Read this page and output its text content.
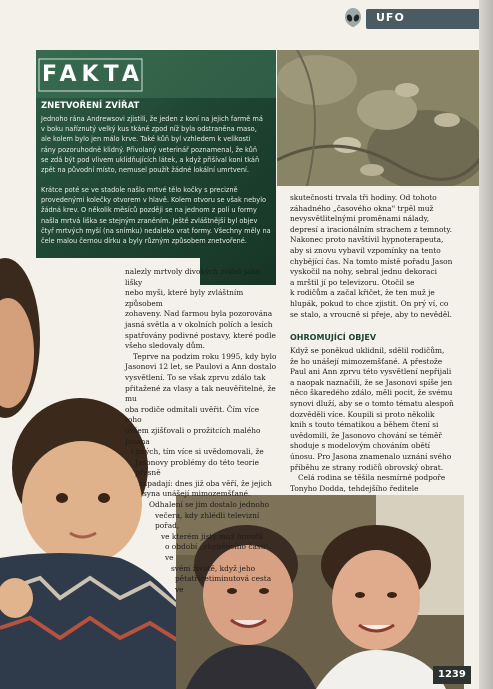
UFO
FAKTA
ZNETVOŘENÍ ZVÍŘAT
Jednoho rána Andrewsovi zjistili, že jeden z koní na jejich farmě má
v boku naříznutý velký kus tkáně zpod níž byla odstraněna maso,
ale kolem bylo jen málo krve. Také kůň byl vzhledem k velikosti
rány pozoruhodně klidný. Přivolaný veterinář poznamenal, že kůň
se zdá být pod vlivem uklidňujících látek, a když přišíval koni tkáň
zpět na původní místo, nemusel použít žádné lokální umrtvení.
Krátce poté se ve stadole našlo mrtvé tělo kočky s precizně
provedenými kolečky otvorem v hlavě. Kolem otvoru se však nebylo
žádná krev. O několik měsíců později se na jednom z polí u formy
našla mrtvá liška se stejným zraněním. Ještě zvláštnější byl objev
čtyř mrtvých myší (na snímku) nedaleko vrat formy. Všechny měly na
čele malou černou dírku a byly různým způsobem znetvořené.
nalezly mrtvoly divokých zvířat jako lišky
nebo myši, které byly zvláštním způsobem
zohaveny. Nad farmou byla pozorována
jasná světla a v okolních polích a lesích
spatřovány podivné postavy, které podle
všeho sledovaly dům.
Teprve na podzim roku 1995, kdy bylo
Jasonovi 12 let, se Paulovi a Ann dostalo
vysvětlení. To se však zprvu zdálo tak
přitažené za vlasy a tak neuvěřitelné, že mu
oba rodiče odmítali uvěřit. Čím více toho
ovšem zjišťovali o prožitcích malého Jasona
i jiných, tím více si uvědomovali, že
Jasonovy problémy do této teorie přesně
zapadají: dnes již oba věří, že jejich
syna unášejí mimozemšťané.
Odhalení se jim dostalo jednoho
večera, kdy zhlédli televizní pořad,
ve kterém jistý muž hovořil
o období „chybějícího času" ve
svém životě, když jeho
pětatřicetiminutová cesta ve
skutečnosti trvala tři hodiny. Od tohoto
záhadného „časového okna" trpěl muž
nevysvětlitelnými proměnami nálady,
depresí a iracionálním strachem z temnoty.
Nakonec proto navštívil hypnoterapeuta,
aby si znovu vybavil vzpomínky na tento
chybějící čas. Na tomto místě pořadu Jason
vyskočil na nohy, sebral jednu dekoraci
a mrštil jí po televizoru. Otočil se
k rodičům a začal křičet, že ten muž je
hlupák, pokud to chce zjistit. On prý ví, co
se stalo, a vroucně si přeje, aby to nevěděl.
OHROMUJÍCÍ OBJEV
Když se poněkud uklidnil, sdělil rodičům,
že ho unášejí mimozemšťané. A přestože
Paul ani Ann zprvu této vysvětlení nepřijali
a naopak naznačili, že se Jasonovi spíše jen
něco škaredého zdálo, měli pocit, že svému
synovi dluží, aby se o tomto tématu alespoň
dozvěděli více. Koupili si proto několik
knih s touto tématikou a během čtení si
uvědomili, že Jasonovo chování se téměř
shoduje s modelovým chováním obětí
únosu. Pro Jasona znamenalo uznání svého
příběhu ze strany rodičů obrovský obrat.
Celá rodina se těšila nesmírné podpoře
Tonyho Dodda, tehdejšího ředitele
1239
